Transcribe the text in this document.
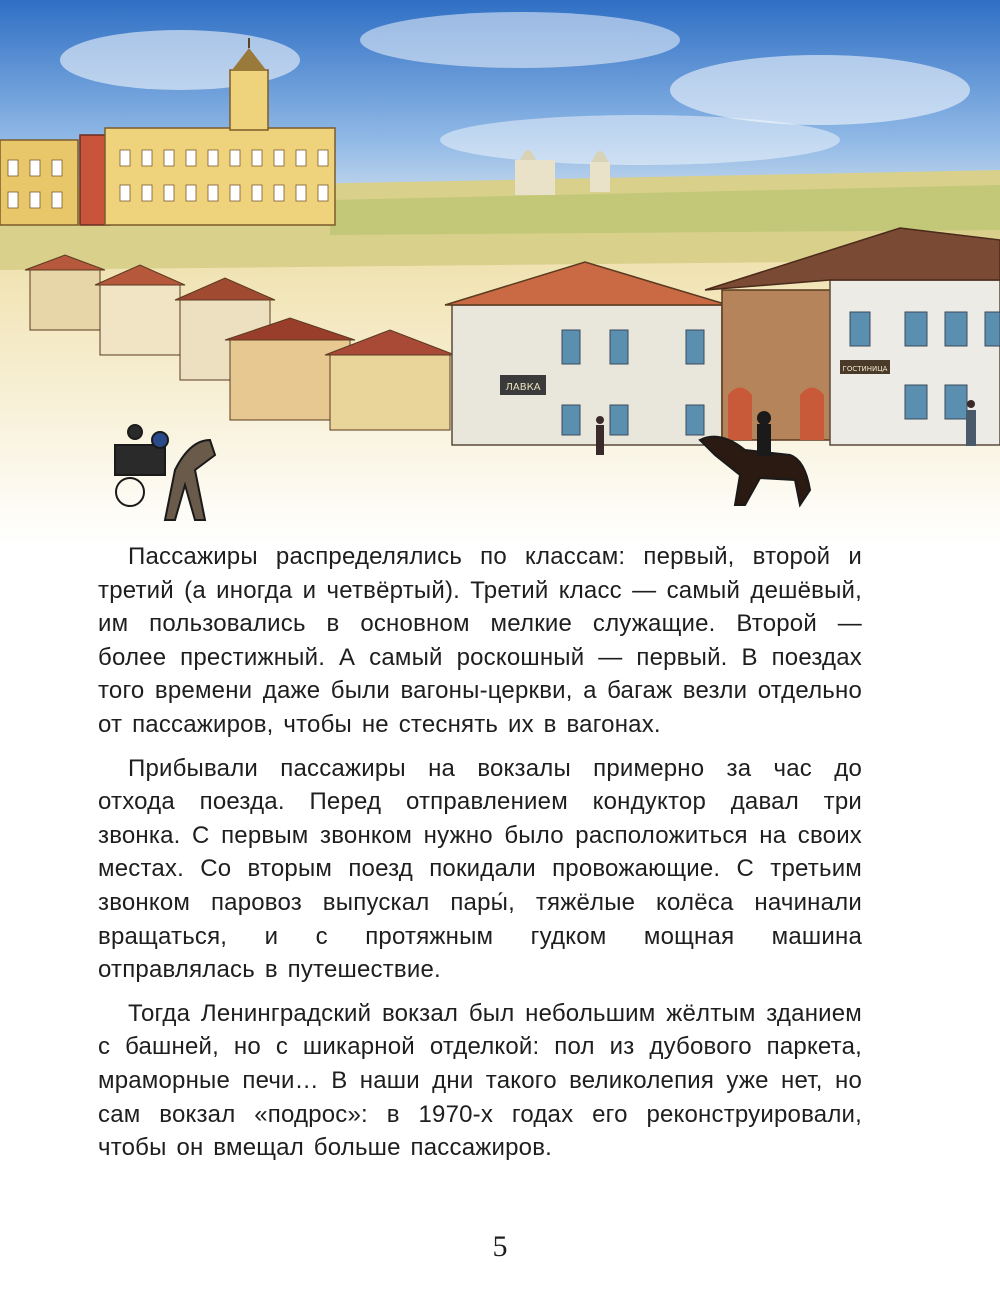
ЛАВКА
ГОСТИНИЦА

Пассажиры распределялись по классам: первый, второй и третий (а иногда и четвёртый). Третий класс — самый дешёвый, им пользовались в основном мелкие служащие. Второй — более престижный. А самый роскошный — первый. В поездах того времени даже были вагоны-церкви, а багаж везли отдельно от пассажиров, чтобы не стеснять их в вагонах.

Прибывали пассажиры на вокзалы примерно за час до отхода поезда. Перед отправлением кондуктор давал три звонка. С первым звонком нужно было расположиться на своих местах. Со вторым поезд покидали провожающие. С третьим звонком паровоз выпускал пары́, тяжёлые колёса начинали вращаться, и с протяжным гудком мощная машина отправлялась в путешествие.

Тогда Ленинградский вокзал был небольшим жёлтым зданием с башней, но с шикарной отделкой: пол из дубового паркета, мраморные печи… В наши дни такого великолепия уже нет, но сам вокзал «подрос»: в 1970-х годах его реконструировали, чтобы он вмещал больше пассажиров.

5
